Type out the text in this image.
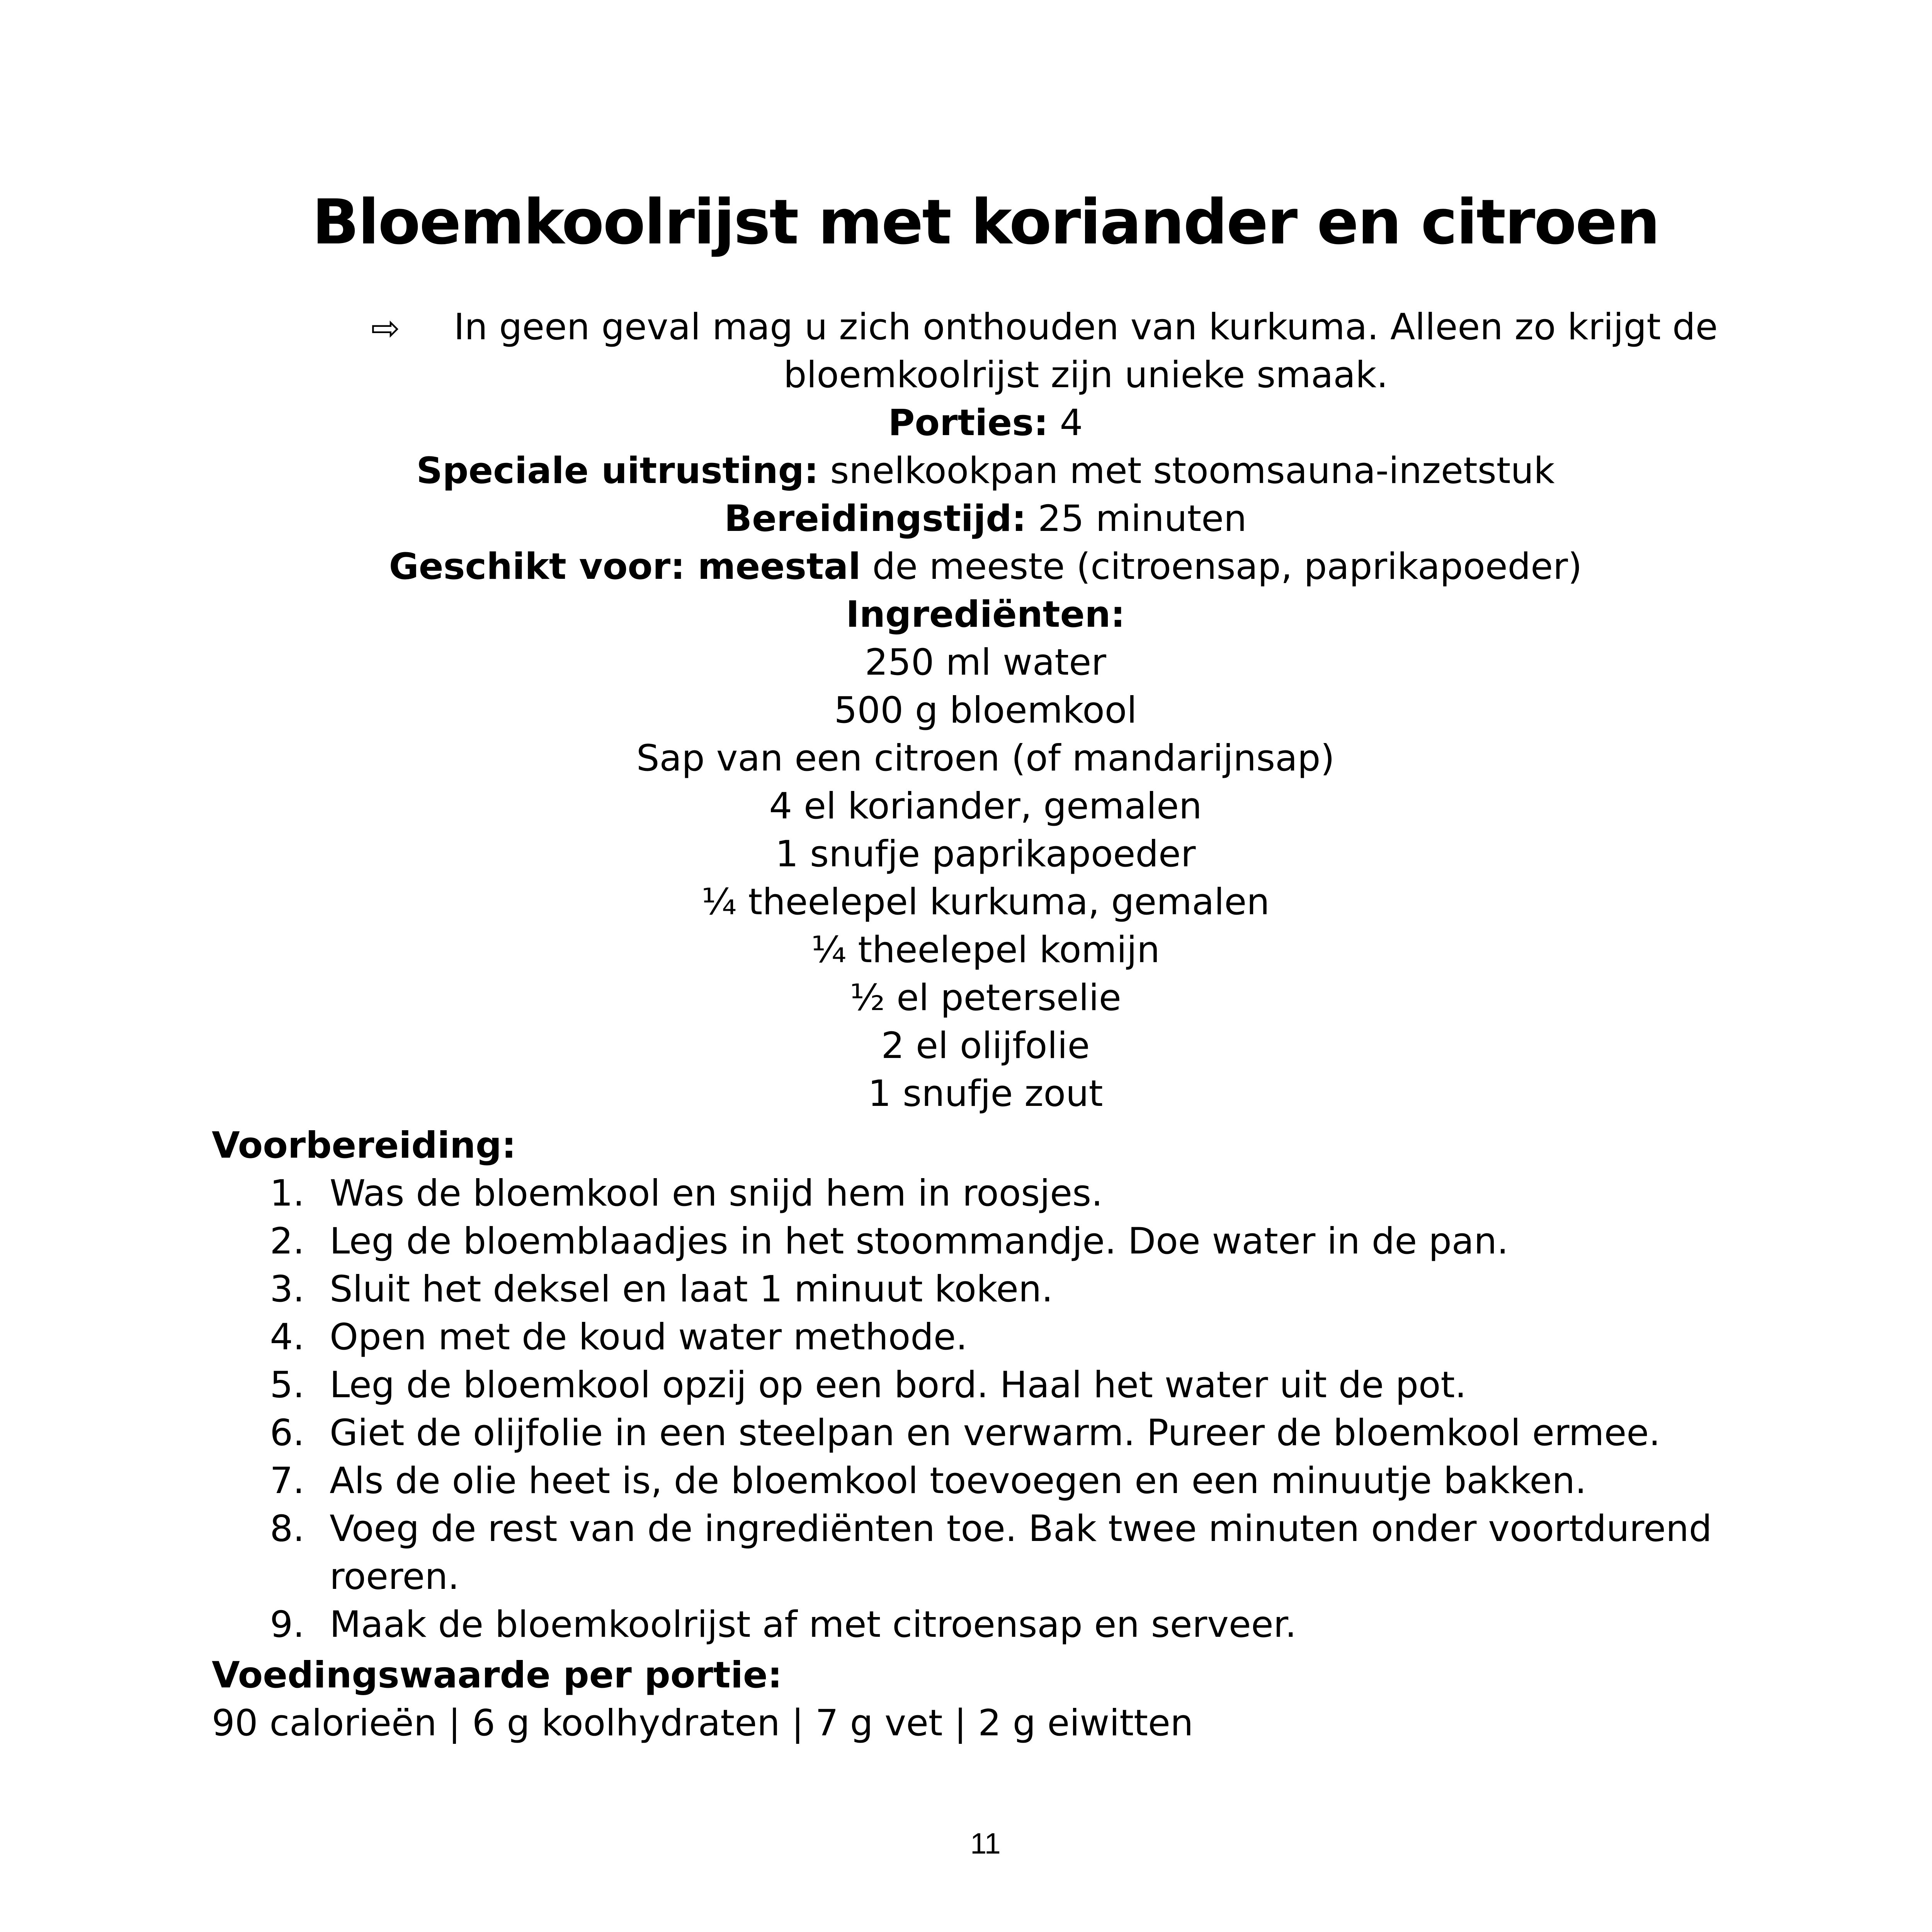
Bloemkoolrijst met koriander en citroen
⇨	In geen geval mag u zich onthouden van kurkuma. Alleen zo krijgt de bloemkoolrijst zijn unieke smaak.

Porties: 4
Speciale uitrusting: snelkookpan met stoomsauna-inzetstuk
Bereidingstijd: 25 minuten
Geschikt voor: meestal de meeste (citroensap, paprikapoeder)
Ingrediënten:
250 ml water
500 g bloemkool
Sap van een citroen (of mandarijnsap)
4 el koriander, gemalen
1 snufje paprikapoeder
¼ theelepel kurkuma, gemalen
¼ theelepel komijn
½ el peterselie
2 el olijfolie
1 snufje zout
Voorbereiding:
1. Was de bloemkool en snijd hem in roosjes.
2. Leg de bloemblaadjes in het stoommandje. Doe water in de pan.
3. Sluit het deksel en laat 1 minuut koken.
4. Open met de koud water methode.
5. Leg de bloemkool opzij op een bord. Haal het water uit de pot.
6. Giet de olijfolie in een steelpan en verwarm. Pureer de bloemkool ermee.
7. Als de olie heet is, de bloemkool toevoegen en een minuutje bakken.
8. Voeg de rest van de ingrediënten toe. Bak twee minuten onder voortdurend roeren.
9. Maak de bloemkoolrijst af met citroensap en serveer.
Voedingswaarde per portie:

90 calorieën | 6 g koolhydraten | 7 g vet | 2 g eiwitten

11
